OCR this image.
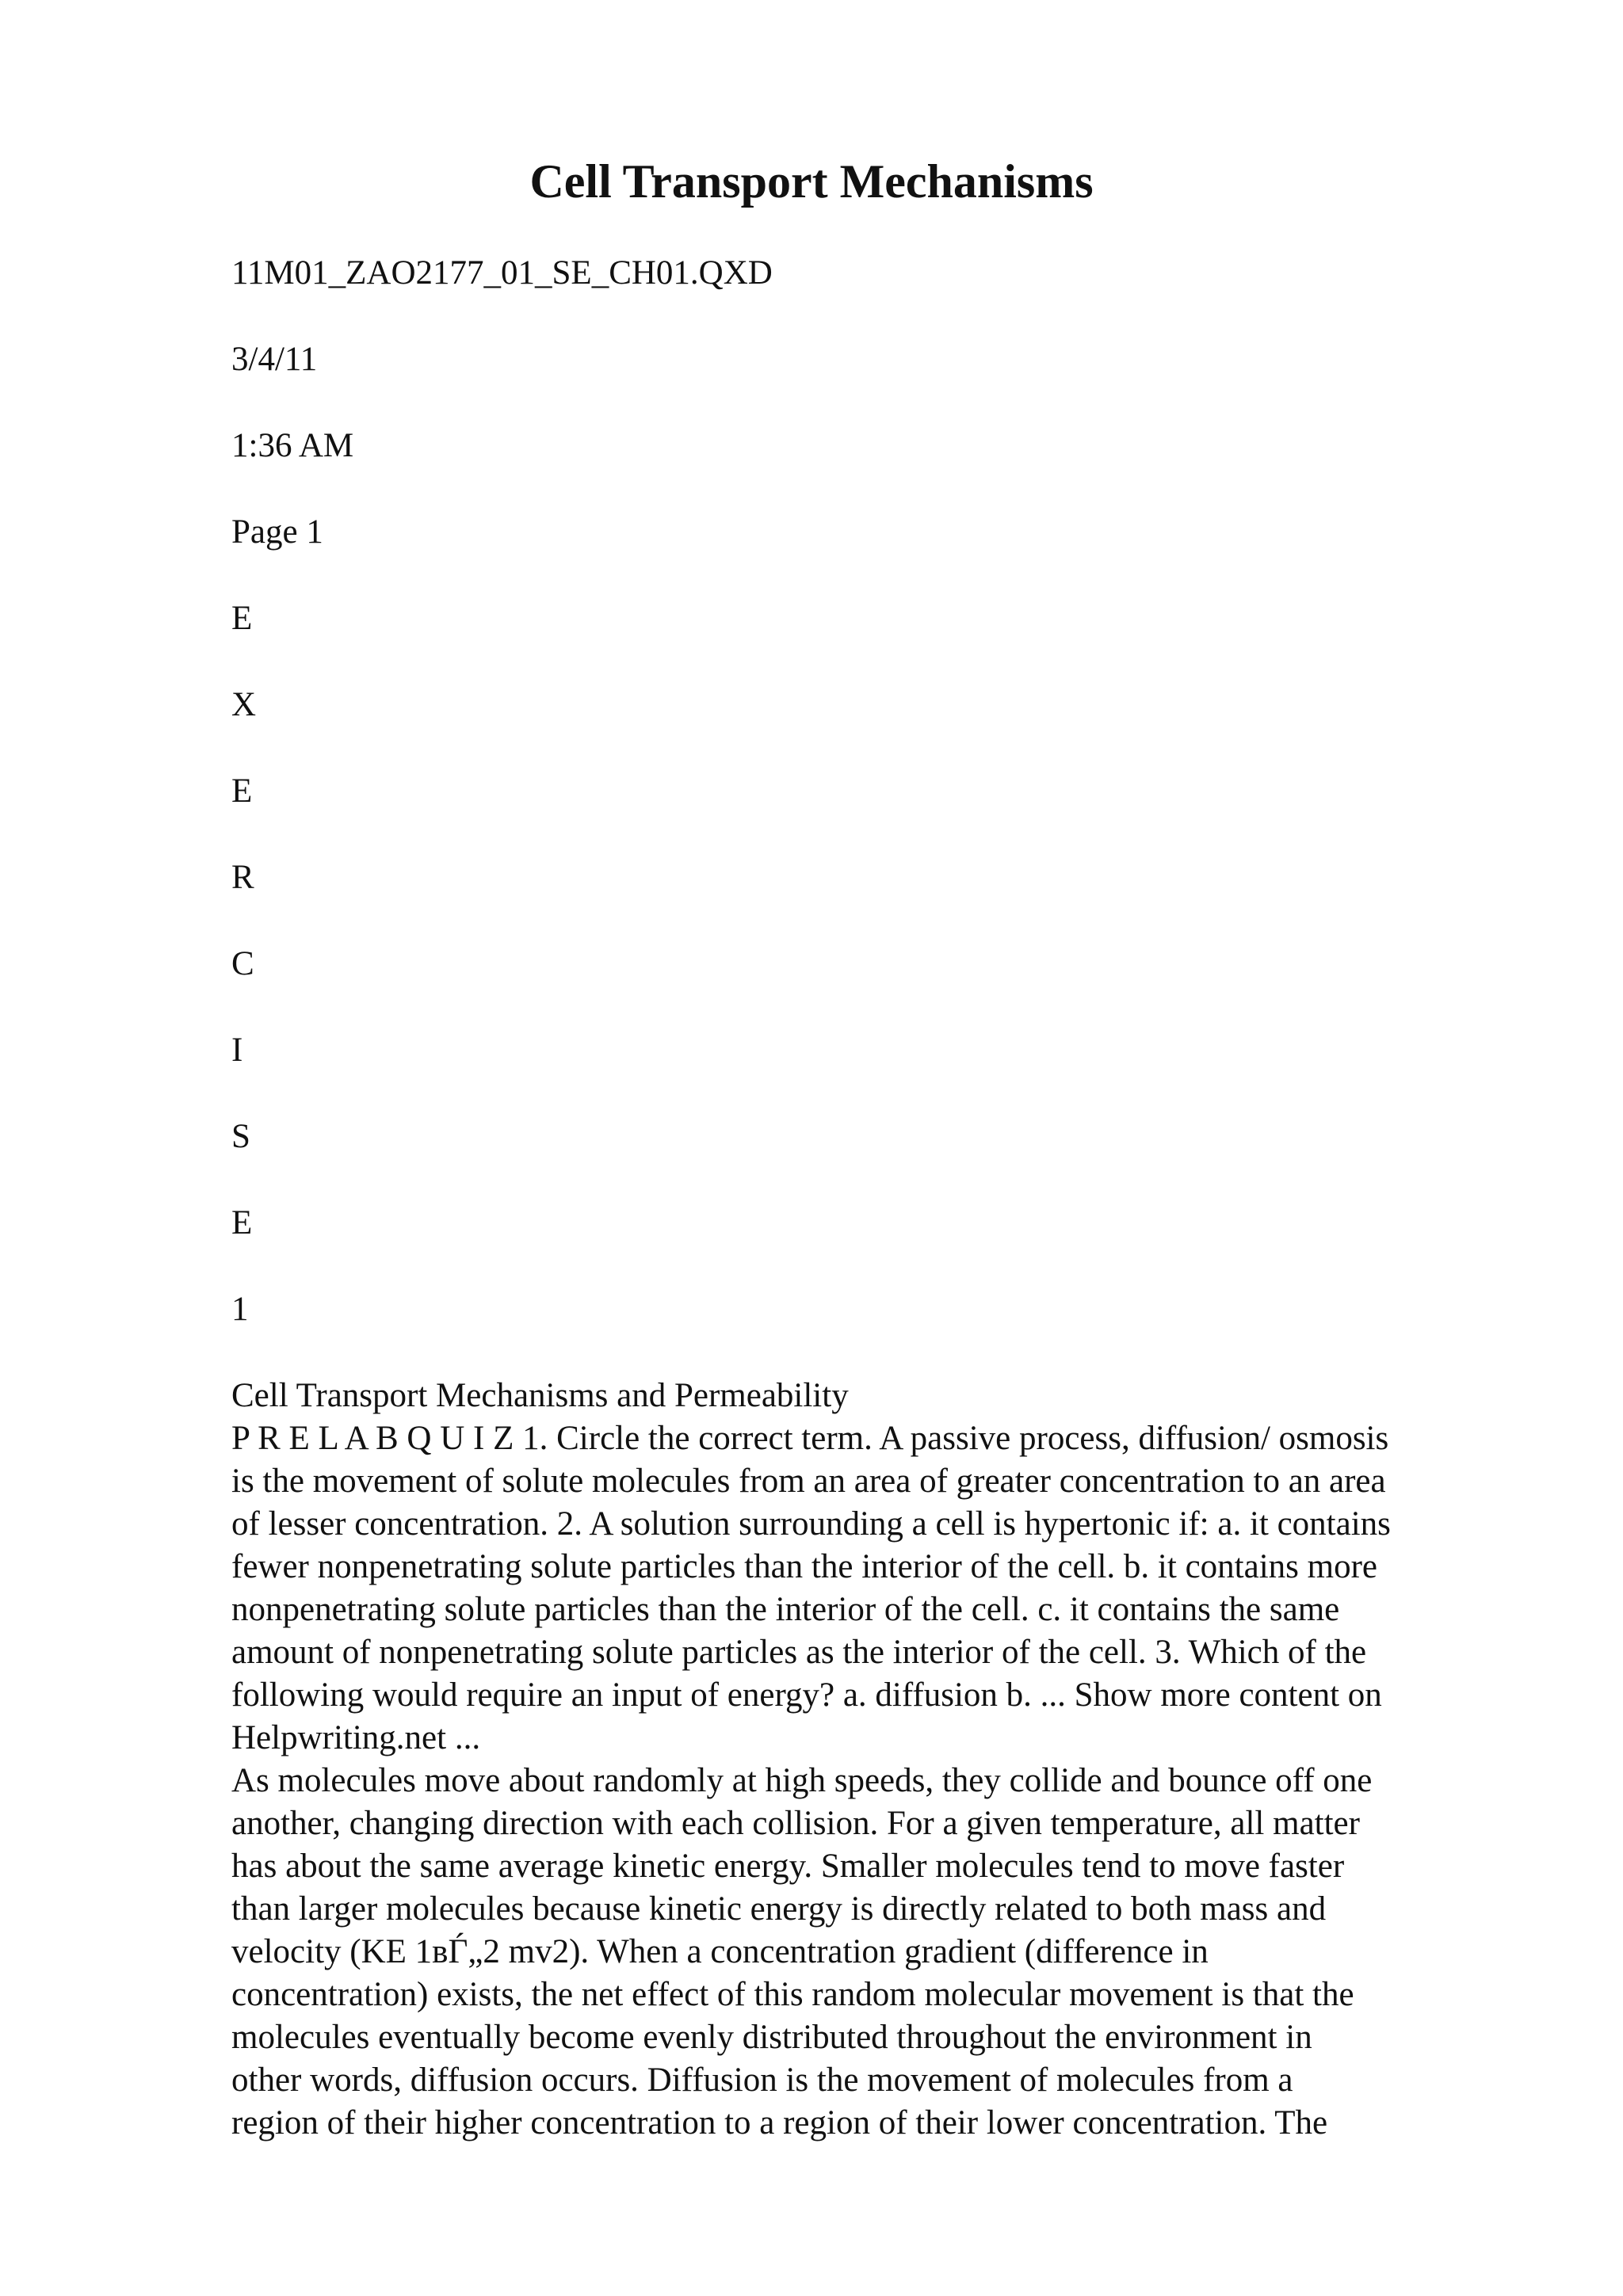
Cell Transport Mechanisms

11M01_ZAO2177_01_SE_CH01.QXD

3/4/11

1:36 AM

Page 1

E

X

E

R

C

I

S

E

1

Cell Transport Mechanisms and Permeability
P R E L A B Q U I Z 1. Circle the correct term. A passive process, diffusion/ osmosis
is the movement of solute molecules from an area of greater concentration to an area
of lesser concentration. 2. A solution surrounding a cell is hypertonic if: a. it contains
fewer nonpenetrating solute particles than the interior of the cell. b. it contains more
nonpenetrating solute particles than the interior of the cell. c. it contains the same
amount of nonpenetrating solute particles as the interior of the cell. 3. Which of the
following would require an input of energy? a. diffusion b. ... Show more content on
Helpwriting.net ...
As molecules move about randomly at high speeds, they collide and bounce off one
another, changing direction with each collision. For a given temperature, all matter
has about the same average kinetic energy. Smaller molecules tend to move faster
than larger molecules because kinetic energy is directly related to both mass and
velocity (KE 1вЃ„2 mv2). When a concentration gradient (difference in
concentration) exists, the net effect of this random molecular movement is that the
molecules eventually become evenly distributed throughout the environment in
other words, diffusion occurs. Diffusion is the movement of molecules from a
region of their higher concentration to a region of their lower concentration. The
